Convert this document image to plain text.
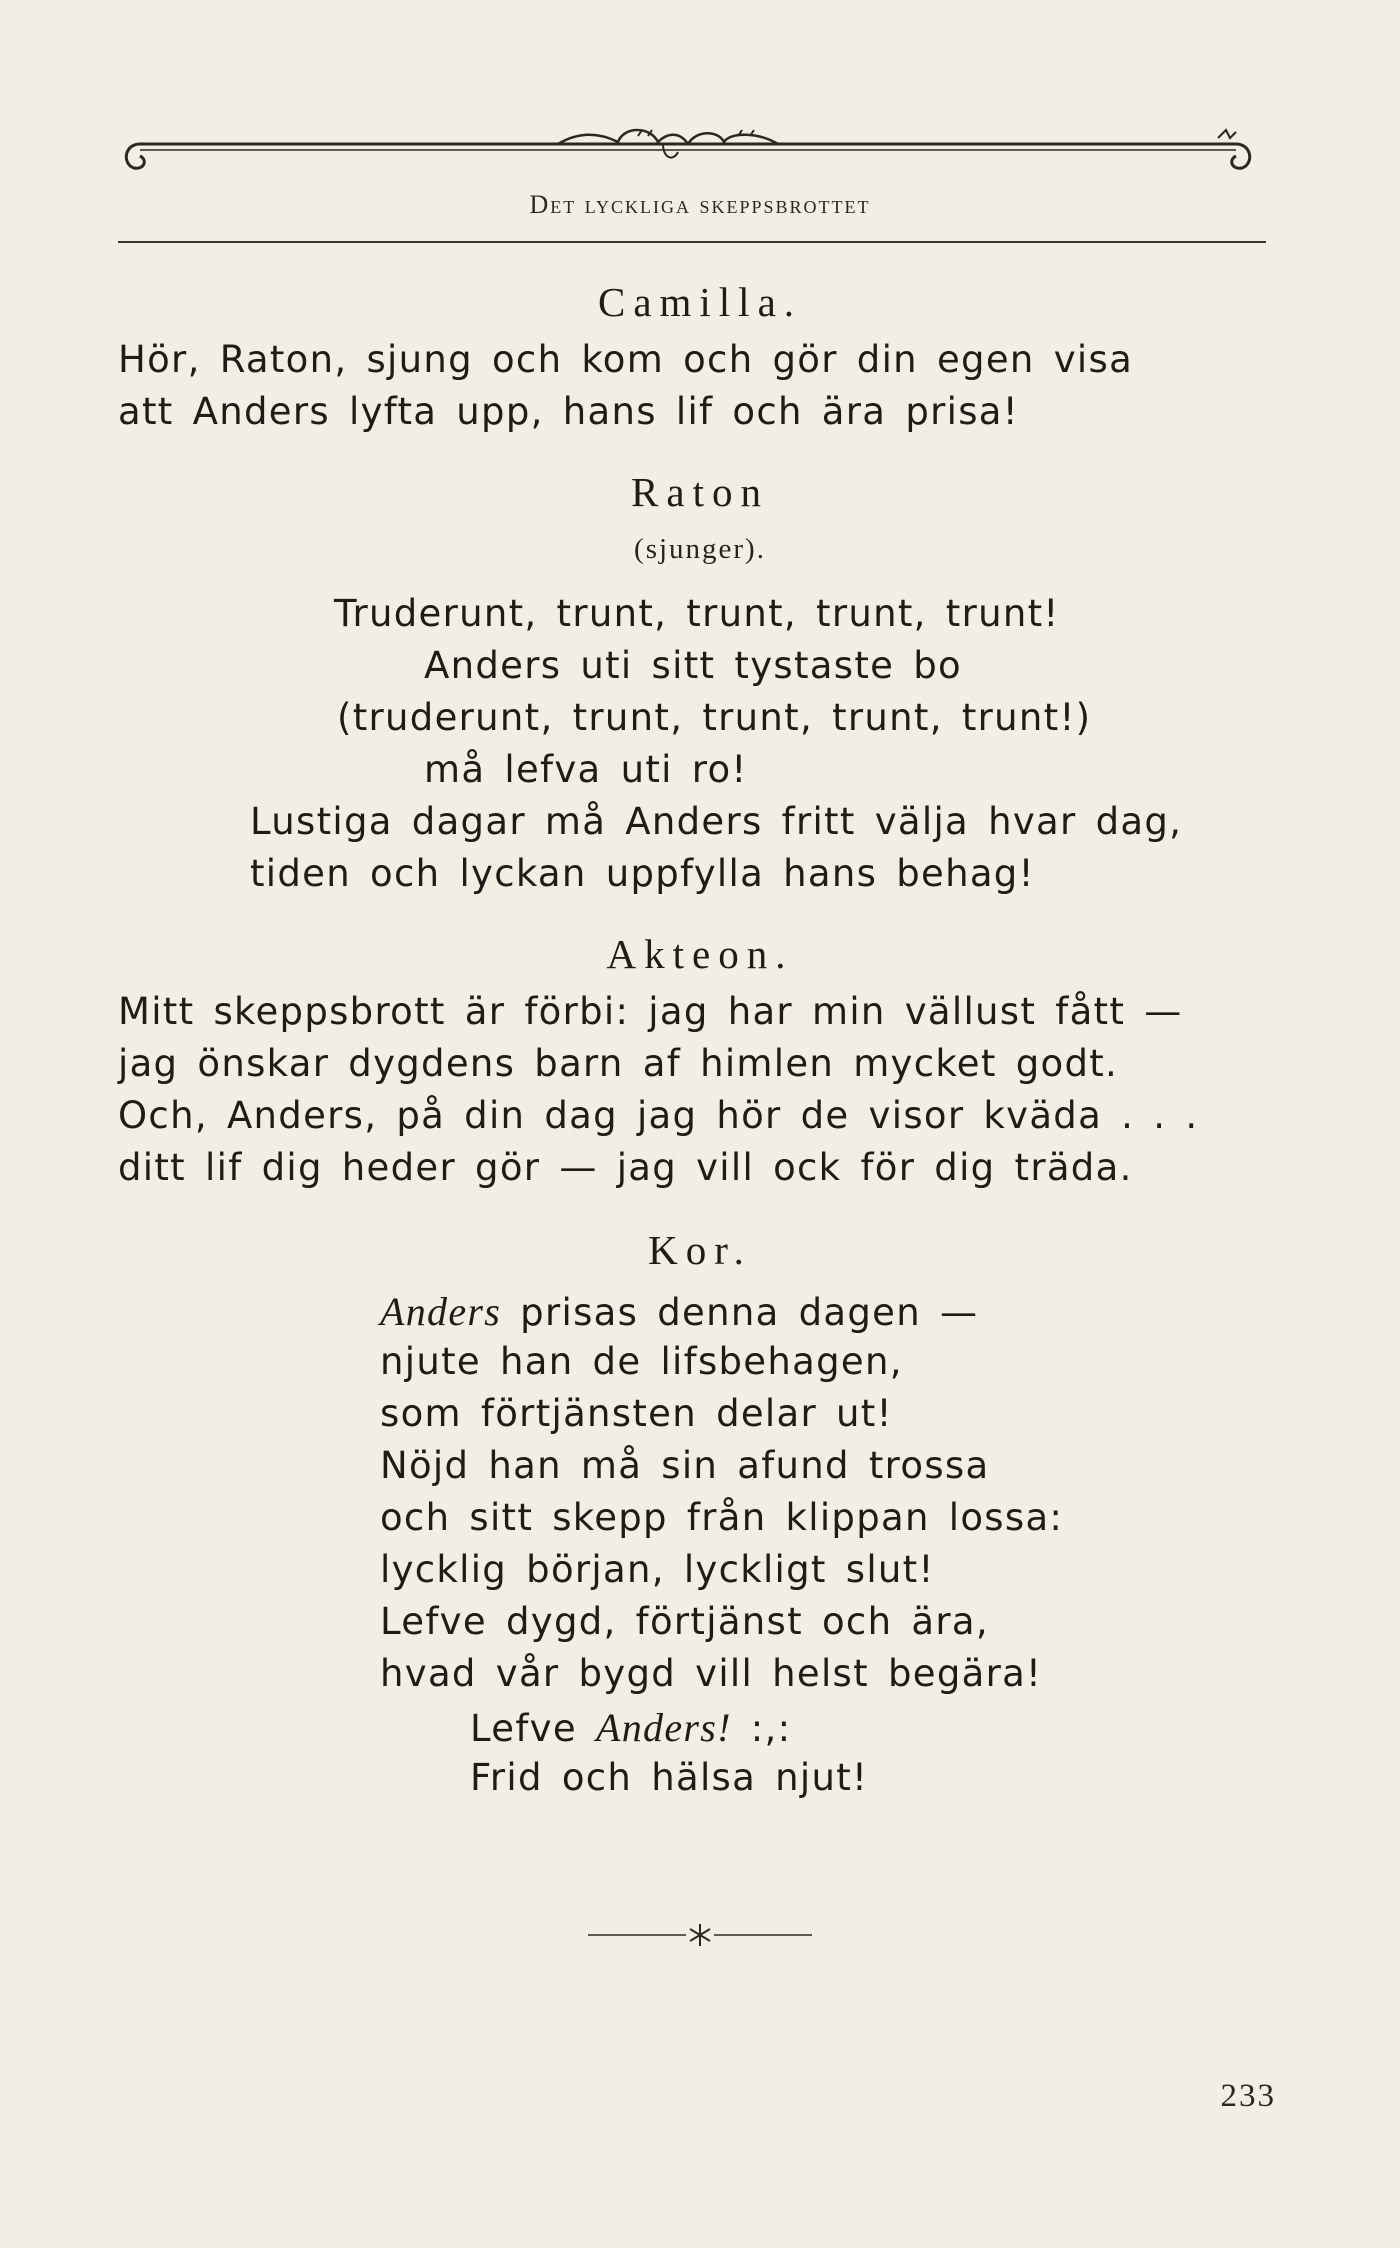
Det lyckliga skeppsbrottet
Camilla.
Hör, Raton, sjung och kom och gör din egen visa
att Anders lyfta upp, hans lif och ära prisa!
Raton
(sjunger).
Truderunt, trunt, trunt, trunt, trunt!
Anders uti sitt tystaste bo
(truderunt, trunt, trunt, trunt, trunt!)
må lefva uti ro!
Lustiga dagar må Anders fritt välja hvar dag,
tiden och lyckan uppfylla hans behag!
Akteon.
Mitt skeppsbrott är förbi: jag har min vällust fått —
jag önskar dygdens barn af himlen mycket godt.
Och, Anders, på din dag jag hör de visor kväda . . .
ditt lif dig heder gör — jag vill ock för dig träda.
Kor.
Anders prisas denna dagen —
njute han de lifsbehagen,
som förtjänsten delar ut!
Nöjd han må sin afund trossa
och sitt skepp från klippan lossa:
lycklig början, lyckligt slut!
Lefve dygd, förtjänst och ära,
hvad vår bygd vill helst begära!
Lefve Anders! :,:
Frid och hälsa njut!
233
